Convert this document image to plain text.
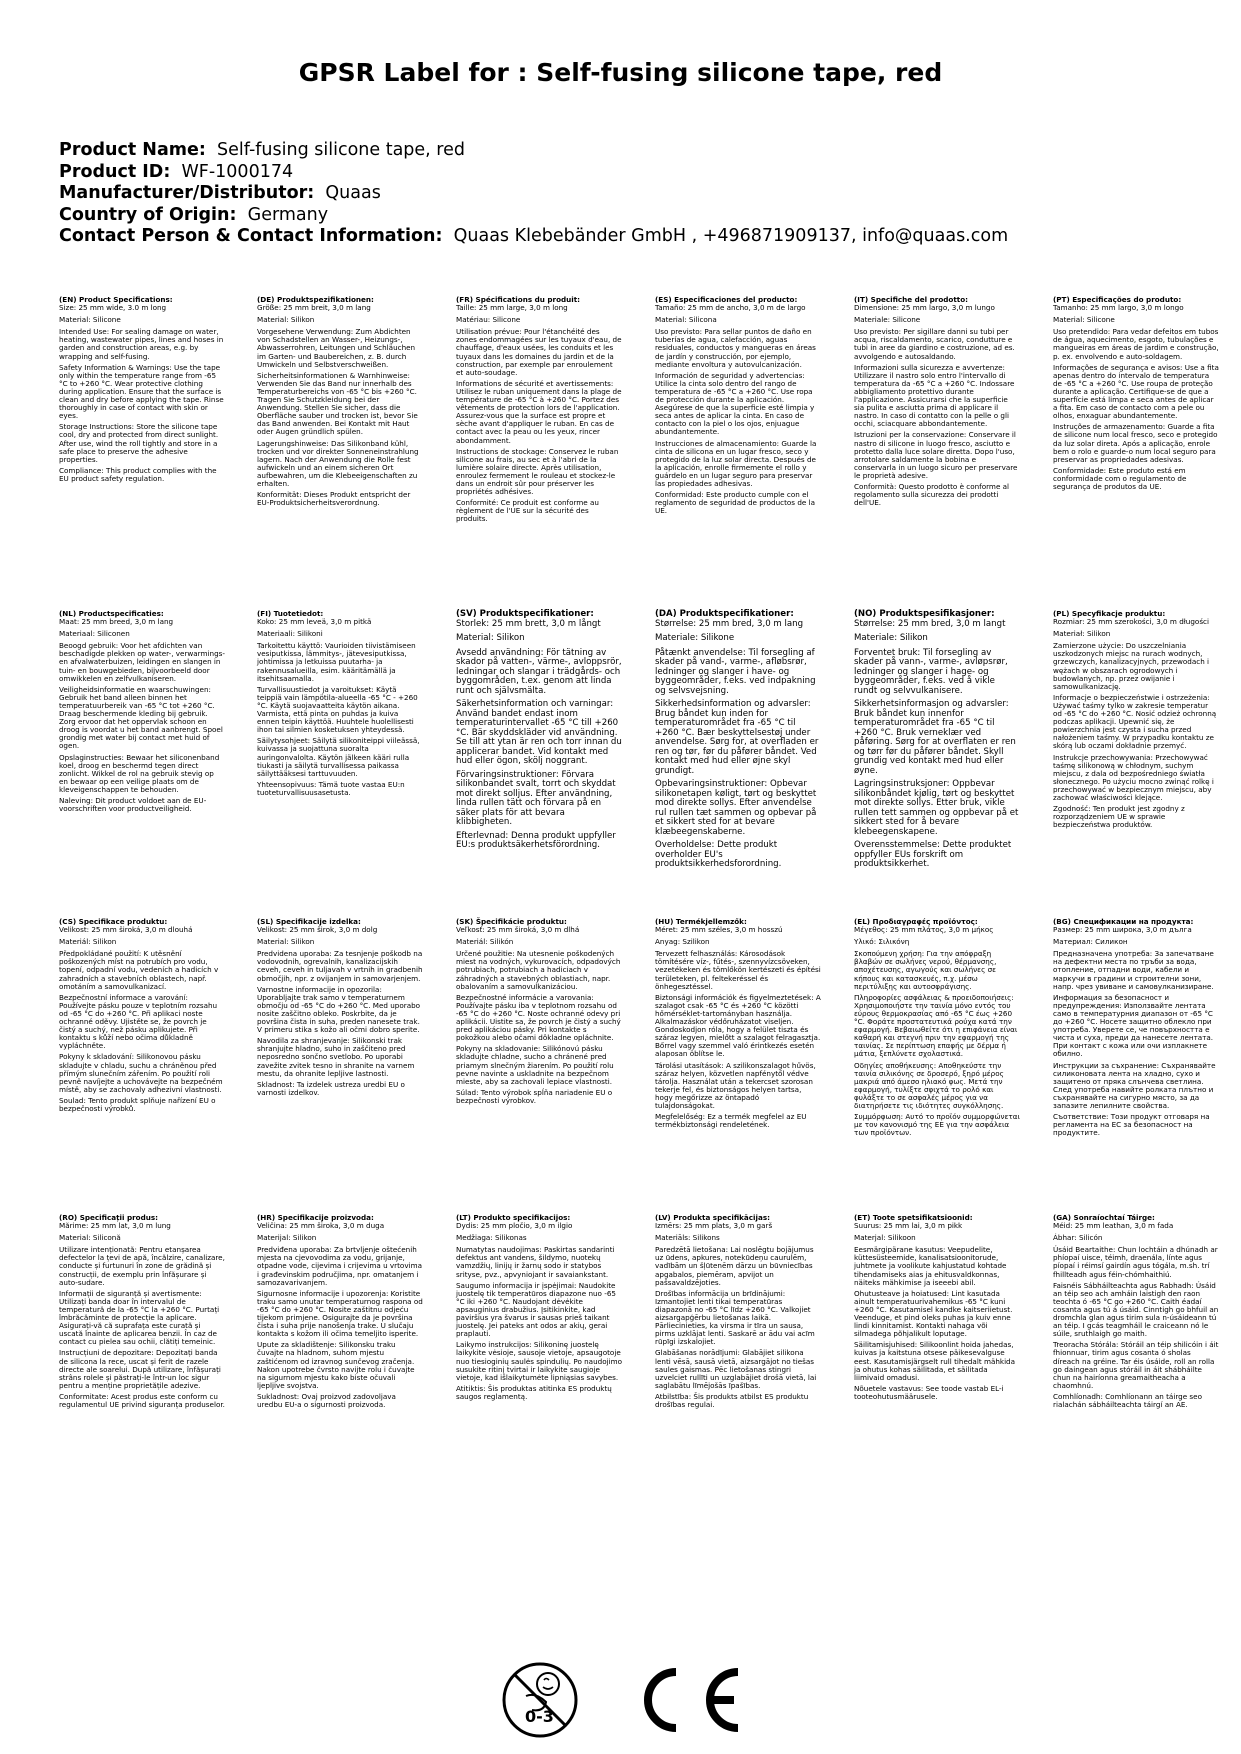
GPSR Label for : Self-fusing silicone tape, red
Product Name: Self-fusing silicone tape, red
Product ID: WF-1000174
Manufacturer/Distributor: Quaas
Country of Origin: Germany
Contact Person & Contact Information: Quaas Klebebänder GmbH , +496871909137, info@quaas.com
(EN) Product Specifications:
Size: 25 mm wide, 3.0 m long
Material: Silicone

Intended Use: For sealing damage on water, heating, wastewater pipes, lines and hoses in garden and construction areas, e.g. by wrapping and self-fusing.

Safety Information & Warnings: Use the tape only within the temperature range from -65 °C to +260 °C. Wear protective clothing during application. Ensure that the surface is clean and dry before applying the tape. Rinse thoroughly in case of contact with skin or eyes.

Storage Instructions: Store the silicone tape cool, dry and protected from direct sunlight. After use, wind the roll tightly and store in a safe place to preserve the adhesive properties.

Compliance: This product complies with the EU product safety regulation.

(DE) Produktspezifikationen:
Größe: 25 mm breit, 3,0 m lang
Material: Silikon

Vorgesehene Verwendung: Zum Abdichten von Schadstellen an Wasser-, Heizungs-, Abwasserrohren, Leitungen und Schläuchen im Garten- und Baubereichen, z. B. durch Umwickeln und Selbstverschweißen.

Sicherheitsinformationen & Warnhinweise: Verwenden Sie das Band nur innerhalb des Temperaturbereichs von -65 °C bis +260 °C. Tragen Sie Schutzkleidung bei der Anwendung. Stellen Sie sicher, dass die Oberfläche sauber und trocken ist, bevor Sie das Band anwenden. Bei Kontakt mit Haut oder Augen gründlich spülen.

Lagerungshinweise: Das Silikonband kühl, trocken und vor direkter Sonneneinstrahlung lagern. Nach der Anwendung die Rolle fest aufwickeln und an einem sicheren Ort aufbewahren, um die Klebeeigenschaften zu erhalten.

Konformität: Dieses Produkt entspricht der EU-Produktsicherheitsverordnung.

(FR) Spécifications du produit:
Taille: 25 mm large, 3,0 m long
Matériau: Silicone

Utilisation prévue: Pour l'étanchéité des zones endommagées sur les tuyaux d'eau, de chauffage, d'eaux usées, les conduits et les tuyaux dans les domaines du jardin et de la construction, par exemple par enroulement et auto-soudage.

Informations de sécurité et avertissements: Utilisez le ruban uniquement dans la plage de température de -65 °C à +260 °C. Portez des vêtements de protection lors de l'application. Assurez-vous que la surface est propre et sèche avant d'appliquer le ruban. En cas de contact avec la peau ou les yeux, rincer abondamment.

Instructions de stockage: Conservez le ruban silicone au frais, au sec et à l'abri de la lumière solaire directe. Après utilisation, enroulez fermement le rouleau et stockez-le dans un endroit sûr pour préserver les propriétés adhésives.

Conformité: Ce produit est conforme au règlement de l'UE sur la sécurité des produits.

(ES) Especificaciones del producto:
Tamaño: 25 mm de ancho, 3,0 m de largo
Material: Silicona

Uso previsto: Para sellar puntos de daño en tuberías de agua, calefacción, aguas residuales, conductos y mangueras en áreas de jardín y construcción, por ejemplo, mediante envoltura y autovulcanización.

Información de seguridad y advertencias: Utilice la cinta solo dentro del rango de temperatura de -65 °C a +260 °C. Use ropa de protección durante la aplicación. Asegúrese de que la superficie esté limpia y seca antes de aplicar la cinta. En caso de contacto con la piel o los ojos, enjuague abundantemente.

Instrucciones de almacenamiento: Guarde la cinta de silicona en un lugar fresco, seco y protegido de la luz solar directa. Después de la aplicación, enrolle firmemente el rollo y guárdelo en un lugar seguro para preservar las propiedades adhesivas.

Conformidad: Este producto cumple con el reglamento de seguridad de productos de la UE.

(IT) Specifiche del prodotto:
Dimensione: 25 mm largo, 3,0 m lungo
Materiale: Silicone

Uso previsto: Per sigillare danni su tubi per acqua, riscaldamento, scarico, condutture e tubi in aree da giardino e costruzione, ad es. avvolgendo e autosaldando.

Informazioni sulla sicurezza e avvertenze: Utilizzare il nastro solo entro l'intervallo di temperatura da -65 °C a +260 °C. Indossare abbigliamento protettivo durante l'applicazione. Assicurarsi che la superficie sia pulita e asciutta prima di applicare il nastro. In caso di contatto con la pelle o gli occhi, sciacquare abbondantemente.

Istruzioni per la conservazione: Conservare il nastro di silicone in luogo fresco, asciutto e protetto dalla luce solare diretta. Dopo l'uso, arrotolare saldamente la bobina e conservarla in un luogo sicuro per preservare le proprietà adesive.

Conformità: Questo prodotto è conforme al regolamento sulla sicurezza dei prodotti dell'UE.

(PT) Especificações do produto:
Tamanho: 25 mm largo, 3,0 m longo
Material: Silicone

Uso pretendido: Para vedar defeitos em tubos de água, aquecimento, esgoto, tubulações e mangueiras em áreas de jardim e construção, p. ex. envolvendo e auto-soldagem.

Informações de segurança e avisos: Use a fita apenas dentro do intervalo de temperatura de -65 °C a +260 °C. Use roupa de proteção durante a aplicação. Certifique-se de que a superfície está limpa e seca antes de aplicar a fita. Em caso de contacto com a pele ou olhos, enxaguar abundantemente.

Instruções de armazenamento: Guarde a fita de silicone num local fresco, seco e protegido da luz solar direta. Após a aplicação, enrole bem o rolo e guarde-o num local seguro para preservar as propriedades adesivas.

Conformidade: Este produto está em conformidade com o regulamento de segurança de produtos da UE.

(NL) Productspecificaties:
Maat: 25 mm breed, 3,0 m lang
Materiaal: Siliconen

Beoogd gebruik: Voor het afdichten van beschadigde plekken op water-, verwarmings- en afvalwaterbuizen, leidingen en slangen in tuin- en bouwgebieden, bijvoorbeeld door omwikkelen en zelfvulkaniseren.

Veiligheidsinformatie en waarschuwingen: Gebruik het band alleen binnen het temperatuurbereik van -65 °C tot +260 °C. Draag beschermende kleding bij gebruik. Zorg ervoor dat het oppervlak schoon en droog is voordat u het band aanbrengt. Spoel grondig met water bij contact met huid of ogen.

Opslaginstructies: Bewaar het siliconenband koel, droog en beschermd tegen direct zonlicht. Wikkel de rol na gebruik stevig op en bewaar op een veilige plaats om de kleveigenschappen te behouden.

Naleving: Dit product voldoet aan de EU-voorschriften voor productveiligheid.

(FI) Tuotetiedot:
Koko: 25 mm leveä, 3,0 m pitkä
Materiaali: Silikoni

Tarkoitettu käyttö: Vaurioiden tiivistämiseen vesiputkissa, lämmitys-, jätevesiputkissa, johtimissa ja letkuissa puutarha- ja rakennusalueilla, esim. kääritämällä ja itsehitsaamalla.

Turvallisuustiedot ja varoitukset: Käytä teippiä vain lämpötila-alueella -65 °C - +260 °C. Käytä suojavaatteita käytön aikana. Varmista, että pinta on puhdas ja kuiva ennen teipin käyttöä. Huuhtele huolellisesti ihon tai silmien kosketuksen yhteydessä.

Säilytysohjeet: Säilytä silikoniteippi viileässä, kuivassa ja suojattuna suoralta auringonvalolta. Käytön jälkeen kääri rulla tiukasti ja säilytä turvallisessa paikassa säilyttääksesi tarttuvuuden.

Yhteensopivuus: Tämä tuote vastaa EU:n tuoteturvallisuusasetusta.

(SV) Produktspecifikationer:
Storlek: 25 mm brett, 3,0 m långt
Material: Silikon

Avsedd användning: För tätning av skador på vatten-, värme-, avloppsrör, ledningar och slangar i trädgårds- och byggområden, t.ex. genom att linda runt och självsmälta.

Säkerhetsinformation och varningar: Använd bandet endast inom temperaturintervallet -65 °C till +260 °C. Bär skyddskläder vid användning. Se till att ytan är ren och torr innan du applicerar bandet. Vid kontakt med hud eller ögon, skölj noggrant.

Förvaringsinstruktioner: Förvara silikonbandet svalt, torrt och skyddat mot direkt solljus. Efter användning, linda rullen tätt och förvara på en säker plats för att bevara klibbigheten.

Efterlevnad: Denna produkt uppfyller EU:s produktsäkerhetsförordning.

(DA) Produktspecifikationer:
Størrelse: 25 mm bred, 3,0 m lang
Materiale: Silikone

Påtænkt anvendelse: Til forsegling af skader på vand-, varme-, afløbsrør, ledninger og slanger i have- og byggeområder, f.eks. ved indpakning og selvsvejsning.

Sikkerhedsinformation og advarsler: Brug båndet kun inden for temperaturområdet fra -65 °C til +260 °C. Bær beskyttelsestøj under anvendelse. Sørg for, at overfladen er ren og tør, før du påfører båndet. Ved kontakt med hud eller øjne skyl grundigt.

Opbevaringsinstruktioner: Opbevar silikonetapen køligt, tørt og beskyttet mod direkte sollys. Efter anvendelse rul rullen tæt sammen og opbevar på et sikkert sted for at bevare klæbeegenskaberne.

Overholdelse: Dette produkt overholder EU's produktsikkerhedsforordning.

(NO) Produktspesifikasjoner:
Størrelse: 25 mm bred, 3,0 m langt
Materiale: Silikon

Forventet bruk: Til forsegling av skader på vann-, varme-, avløpsrør, ledninger og slanger i hage- og byggeområder, f.eks. ved å vikle rundt og selvvulkanisere.

Sikkerhetsinformasjon og advarsler: Bruk båndet kun innenfor temperaturområdet fra -65 °C til +260 °C. Bruk verneklær ved påføring. Sørg for at overflaten er ren og tørr før du påfører båndet. Skyll grundig ved kontakt med hud eller øyne.

Lagringsinstruksjoner: Oppbevar silikonbåndet kjølig, tørt og beskyttet mot direkte sollys. Etter bruk, vikle rullen tett sammen og oppbevar på et sikkert sted for å bevare klebeegenskapene.

Overensstemmelse: Dette produktet oppfyller EUs forskrift om produktsikkerhet.

(PL) Specyfikacje produktu:
Rozmiar: 25 mm szerokości, 3,0 m długości
Materiał: Silikon

Zamierzone użycie: Do uszczelniania uszkodzonych miejsc na rurach wodnych, grzewczych, kanalizacyjnych, przewodach i wężach w obszarach ogrodowych i budowlanych, np. przez owijanie i samowulkanizację.

Informacje o bezpieczeństwie i ostrzeżenia: Używać taśmy tylko w zakresie temperatur od -65 °C do +260 °C. Nosić odzież ochronną podczas aplikacji. Upewnić się, że powierzchnia jest czysta i sucha przed nałożeniem taśmy. W przypadku kontaktu ze skórą lub oczami dokładnie przemyć.

Instrukcje przechowywania: Przechowywać taśmę silikonową w chłodnym, suchym miejscu, z dala od bezpośredniego światła słonecznego. Po użyciu mocno zwinąć rolkę i przechowywać w bezpiecznym miejscu, aby zachować właściwości klejące.

Zgodność: Ten produkt jest zgodny z rozporządzeniem UE w sprawie bezpieczeństwa produktów.

(CS) Specifikace produktu:
Velikost: 25 mm široká, 3,0 m dlouhá
Materiál: Silikon

Předpokládané použití: K utěsnění poškozených míst na potrubích pro vodu, topení, odpadní vodu, vedeních a hadicích v zahradních a stavebních oblastech, např. omotáním a samovulkanizací.

Bezpečnostní informace a varování: Používejte pásku pouze v teplotním rozsahu od -65 °C do +260 °C. Při aplikaci noste ochranné oděvy. Ujistěte se, že povrch je čistý a suchý, než pásku aplikujete. Při kontaktu s kůží nebo očima důkladně vypláchněte.

Pokyny k skladování: Silikonovou pásku skladujte v chladu, suchu a chráněnou před přímým slunečním zářením. Po použití roli pevně navíjejte a uchovávejte na bezpečném místě, aby se zachovaly adhezivní vlastnosti.

Soulad: Tento produkt splňuje nařízení EU o bezpečnosti výrobků.

(SL) Specifikacije izdelka:
Velikost: 25 mm širok, 3,0 m dolg
Material: Silikon

Predvidena uporaba: Za tesnjenje poškodb na vodovodnih, ogrevalnih, kanalizacijskih ceveh, ceveh in tuljavah v vrtnih in gradbenih območjih, npr. z ovijanjem in samovarjenjem.

Varnostne informacije in opozorila: Uporabljajte trak samo v temperaturnem območju od -65 °C do +260 °C. Med uporabo nosite zaščitno obleko. Poskrbite, da je površina čista in suha, preden nanesete trak. V primeru stika s kožo ali očmi dobro sperite.

Navodila za shranjevanje: Silikonski trak shranjujte hladno, suho in zaščiteno pred neposredno sončno svetlobo. Po uporabi zavežite zvitek tesno in shranite na varnem mestu, da ohranite lepljive lastnosti.

Skladnost: Ta izdelek ustreza uredbi EU o varnosti izdelkov.

(SK) Špecifikácie produktu:
Veľkosť: 25 mm široká, 3,0 m dlhá
Materiál: Silikón

Určené použitie: Na utesnenie poškodených miest na vodných, vykurovacích, odpadových potrubiach, potrubiach a hadiciach v záhradných a stavebných oblastiach, napr. obalovaním a samovulkanizáciou.

Bezpečnostné informácie a varovania: Používajte pásku iba v teplotnom rozsahu od -65 °C do +260 °C. Noste ochranné odevy pri aplikácii. Uistite sa, že povrch je čistý a suchý pred aplikáciou pásky. Pri kontakte s pokožkou alebo očami dôkladne opláchnite.

Pokyny na skladovanie: Silikónovú pásku skladujte chladne, sucho a chránené pred priamym slnečným žiarením. Po použití rolu pevne navinte a uskladnite na bezpečnom mieste, aby sa zachovali lepiace vlastnosti.

Súlad: Tento výrobok spĺňa nariadenie EU o bezpečnosti výrobkov.

(HU) Termékjellemzők:
Méret: 25 mm széles, 3,0 m hosszú
Anyag: Szilikon

Tervezett felhasználás: Károsodások tömítésére víz-, fűtés-, szennyvízcsöveken, vezetékeken és tömlőkön kertészeti és építési területeken, pl. feltekeréssel és önhegesztéssel.

Biztonsági információk és figyelmeztetések: A szalagot csak -65 °C és +260 °C közötti hőmérséklet-tartományban használja. Alkalmazáskor védőruházatot viseljen. Gondoskodjon róla, hogy a felület tiszta és száraz legyen, mielőtt a szalagot felragasztja. Bőrrel vagy szemmel való érintkezés esetén alaposan öblítse le.

Tárolási utasítások: A szilikonszalagot hűvös, száraz helyen, közvetlen napfénytől védve tárolja. Használat után a tekercset szorosan tekerje fel, és biztonságos helyen tartsa, hogy megőrizze az öntapadó tulajdonságokat.

Megfelelőség: Ez a termék megfelel az EU termékbiztonsági rendeletének.

(EL) Προδιαγραφές προϊόντος:
Μέγεθος: 25 mm πλάτος, 3,0 m μήκος
Υλικό: Σιλικόνη

Σκοπούμενη χρήση: Για την απόφραξη βλαβών σε σωλήνες νερού, θέρμανσης, αποχέτευσης, αγωγούς και σωλήνες σε κήπους και κατασκευές, π.χ. μέσω περιτύλιξης και αυτοσφράγισης.

Πληροφορίες ασφάλειας & προειδοποιήσεις: Χρησιμοποιήστε την ταινία μόνο εντός του εύρους θερμοκρασίας από -65 °C έως +260 °C. Φοράτε προστατευτικά ρούχα κατά την εφαρμογή. Βεβαιωθείτε ότι η επιφάνεια είναι καθαρή και στεγνή πριν την εφαρμογή της ταινίας. Σε περίπτωση επαφής με δέρμα ή μάτια, ξεπλύνετε σχολαστικά.

Οδηγίες αποθήκευσης: Αποθηκεύστε την ταινία σιλικόνης σε δροσερό, ξηρό μέρος μακριά από άμεσο ηλιακό φως. Μετά την εφαρμογή, τυλίξτε σφιχτά το ρολό και φυλάξτε το σε ασφαλές μέρος για να διατηρήσετε τις ιδιότητες συγκόλλησης.

Συμμόρφωση: Αυτό το προϊόν συμμορφώνεται με τον κανονισμό της ΕΕ για την ασφάλεια των προϊόντων.

(BG) Спецификации на продукта:
Размер: 25 mm широка, 3,0 m дълга
Материал: Силикон

Предназначена употреба: За запечатване на дефектни места по тръби за вода, отопление, отпадни води, кабели и маркучи в градини и строителни зони, напр. чрез увиване и самовулканизиране.

Информация за безопасност и предупреждения: Използвайте лентата само в температурния диапазон от -65 °C до +260 °C. Носете защитно облекло при употреба. Уверете се, че повърхността е чиста и суха, преди да нанесете лентата. При контакт с кожа или очи изплакнете обилно.

Инструкции за съхранение: Съхранявайте силиконовата лента на хладно, сухо и защитено от пряка слънчева светлина. След употреба навийте ролката плътно и съхранявайте на сигурно място, за да запазите лепилните свойства.

Съответствие: Този продукт отговаря на регламента на ЕС за безопасност на продуктите.

(RO) Specificații produs:
Mărime: 25 mm lat, 3,0 m lung
Material: Siliconă

Utilizare intenționată: Pentru etanșarea defectelor la țevi de apă, încălzire, canalizare, conducte și furtunuri în zone de grădină și construcții, de exemplu prin înfășurare și auto-sudare.

Informații de siguranță și avertismente: Utilizați banda doar în intervalul de temperatură de la -65 °C la +260 °C. Purtați îmbrăcăminte de protecție la aplicare. Asigurați-vă că suprafața este curată și uscată înainte de aplicarea benzii. În caz de contact cu pielea sau ochii, clătiți temeinic.

Instrucțiuni de depozitare: Depozitați banda de silicona la rece, uscat și ferit de razele directe ale soarelui. După utilizare, înfășurați strâns rolele și păstrați-le într-un loc sigur pentru a menține proprietățile adezive.

Conformitate: Acest produs este conform cu regulamentul UE privind siguranța produselor.

(HR) Specifikacije proizvoda:
Veličina: 25 mm široka, 3,0 m duga
Materijal: Silikon

Predviđena uporaba: Za brtvljenje oštećenih mjesta na cjevovodima za vodu, grijanje, otpadne vode, cijevima i crijevima u vrtovima i građevinskim područjima, npr. omatanjem i samozavarivanjem.

Sigurnosne informacije i upozorenja: Koristite traku samo unutar temperaturnog raspona od -65 °C do +260 °C. Nosite zaštitnu odjeću tijekom primjene. Osigurajte da je površina čista i suha prije nanošenja trake. U slučaju kontakta s kožom ili očima temeljito isperite.

Upute za skladištenje: Silikonsku traku čuvajte na hladnom, suhom mjestu zaštićenom od izravnog sunčevog zračenja. Nakon upotrebe čvrsto navijte rolu i čuvajte na sigurnom mjestu kako biste očuvali ljepljive svojstva.

Sukladnost: Ovaj proizvod zadovoljava uredbu EU-a o sigurnosti proizvoda.

(LT) Produkto specifikacijos:
Dydis: 25 mm pločio, 3,0 m ilgio
Medžiaga: Silikonas

Numatytas naudojimas: Paskirtas sandarinti defektus ant vandens, šildymo, nuotekų vamzdžių, linijų ir žarnų sodo ir statybos srityse, pvz., apvyniojant ir savaiankstant.

Saugumo informacija ir įspėjimai: Naudokite juostelę tik temperatūros diapazone nuo -65 °C iki +260 °C. Naudojant dėvėkite apsauginius drabužius. Įsitikinkite, kad paviršius yra švarus ir sausas prieš taikant juostelę. Jei pateks ant odos ar akių, gerai praplauti.

Laikymo instrukcijos: Silikoninę juostelę laikykite vėsioje, sausoje vietoje, apsaugotoje nuo tiesioginių saulės spindulių. Po naudojimo susukite ritinį tvirtai ir laikykite saugioje vietoje, kad išlaikytumėte lipniąsias savybes.

Atitiktis: Šis produktas atitinka ES produktų saugos reglamentą.

(LV) Produkta specifikācijas:
Izmērs: 25 mm plats, 3,0 m garš
Materiāls: Silikons

Paredzētā lietošana: Lai noslēgtu bojājumus uz ūdens, apkures, notekūdeņu caurulēm, vadībām un šļūtenēm dārzu un būvniecības apgabalos, piemēram, apvijot un pašsavaldzējoties.

Drošības informācija un brīdinājumi: Izmantojiet lenti tikai temperatūras diapazonā no -65 °C līdz +260 °C. Valkojiet aizsargapģērbu lietošanas laikā. Pārliecinieties, ka virsma ir tīra un sausa, pirms uzklājat lenti. Saskarē ar ādu vai acīm rūpīgi izskalojiet.

Glabāšanas norādījumi: Glabājiet silikona lenti vēsā, sausā vietā, aizsargājot no tiešas saules gaismas. Pēc lietošanas stingri uzvelciet rullīti un uzglabājiet drošā vietā, lai saglabātu līmējošās īpašības.

Atbilstība: Šis produkts atbilst ES produktu drošības regulai.

(ET) Toote spetsifikatsioonid:
Suurus: 25 mm lai, 3,0 m pikk
Materjal: Silikoon

Eesmärgipärane kasutus: Veepudelite, küttesüsteemide, kanalisatsioonitorude, juhtmete ja voolikute kahjustatud kohtade tihendamiseks aias ja ehitusvaldkonnas, näiteks mähkimise ja iseeebi abil.

Ohutusteave ja hoiatused: Lint kasutada ainult temperatuurivahemikus -65 °C kuni +260 °C. Kasutamisel kandke kaitseriietust. Veenduge, et pind oleks puhas ja kuiv enne lindi kinnitamist. Kontakti nahaga või silmadega põhjalikult loputage.

Säilitamisjuhised: Silikoonlint hoida jahedas, kuivas ja kaitstuna otsese päikesevalguse eest. Kasutamisjärgselt rull tihedalt mähkida ja ohutus kohas säilitada, et säilitada liimivaid omadusi.

Nõuetele vastavus: See toode vastab EL-i tooteohutusmäärusele.

(GA) Sonraíochtaí Táirge:
Méid: 25 mm leathan, 3,0 m fada
Ábhar: Silicón

Úsáid Beartaithe: Chun lochtáin a dhúnadh ar phíopaí uisce, téimh, draenála, línte agus píopaí i réimsí gairdín agus tógála, m.sh. trí fhillteadh agus féin-chómhaithiú.

Faisnéis Sábháilteachta agus Rabhadh: Úsáid an téip seo ach amháin laistigh den raon teochta ó -65 °C go +260 °C. Caith éadaí cosanta agus tú á úsáid. Cinntigh go bhfuil an dromchla glan agus tirim sula n-úsáideann tú an téip. I gcás teagmháil le craiceann nó le súile, sruthlaigh go maith.

Treoracha Stórála: Stóráil an téip shilicóin i áit fhionnuar, tirim agus cosanta ó sholas díreach na gréine. Tar éis úsáide, roll an rolla go daingean agus stóráil in áit shábháilte chun na hairíonna greamaitheacha a chaomhnú.

Comhlíonadh: Comhlíonann an táirge seo rialachán sábháilteachta táirgí an AE.

0-3
